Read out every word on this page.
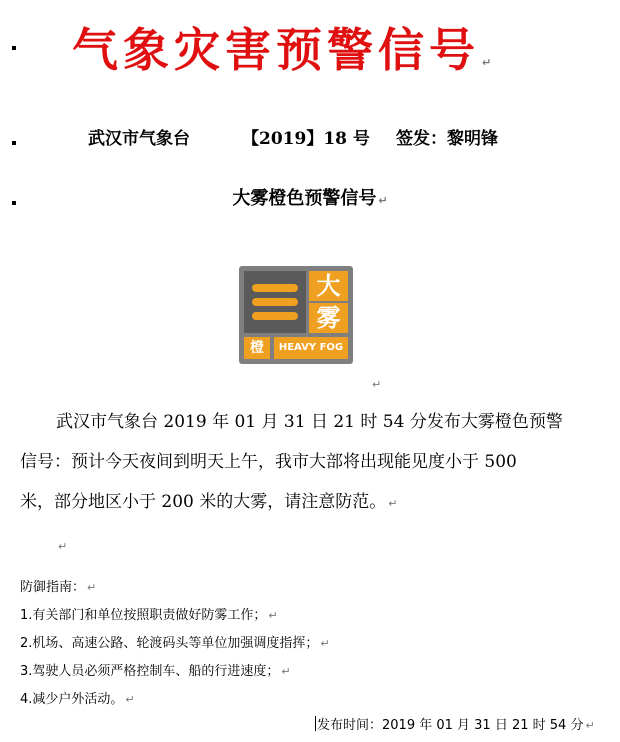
气象灾害预警信号 ↵
武汉市气象台	【2019】18 号 签发：黎明锋
大雾橙色预警信号 ↵
大
雾
橙	HEAVY FOG
↵
武汉市气象台 2019 年 01 月 31 日 21 时 54 分发布大雾橙色预警
信号：预计今天夜间到明天上午，我市大部将出现能见度小于 500
米，部分地区小于 200 米的大雾，请注意防范。 ↵
↵
防御指南： ↵
1.有关部门和单位按照职责做好防雾工作； ↵
2.机场、高速公路、轮渡码头等单位加强调度指挥； ↵
3.驾驶人员必须严格控制车、船的行进速度； ↵
4.减少户外活动。 ↵
发布时间：2019 年 01 月 31 日 21 时 54 分 ↵
